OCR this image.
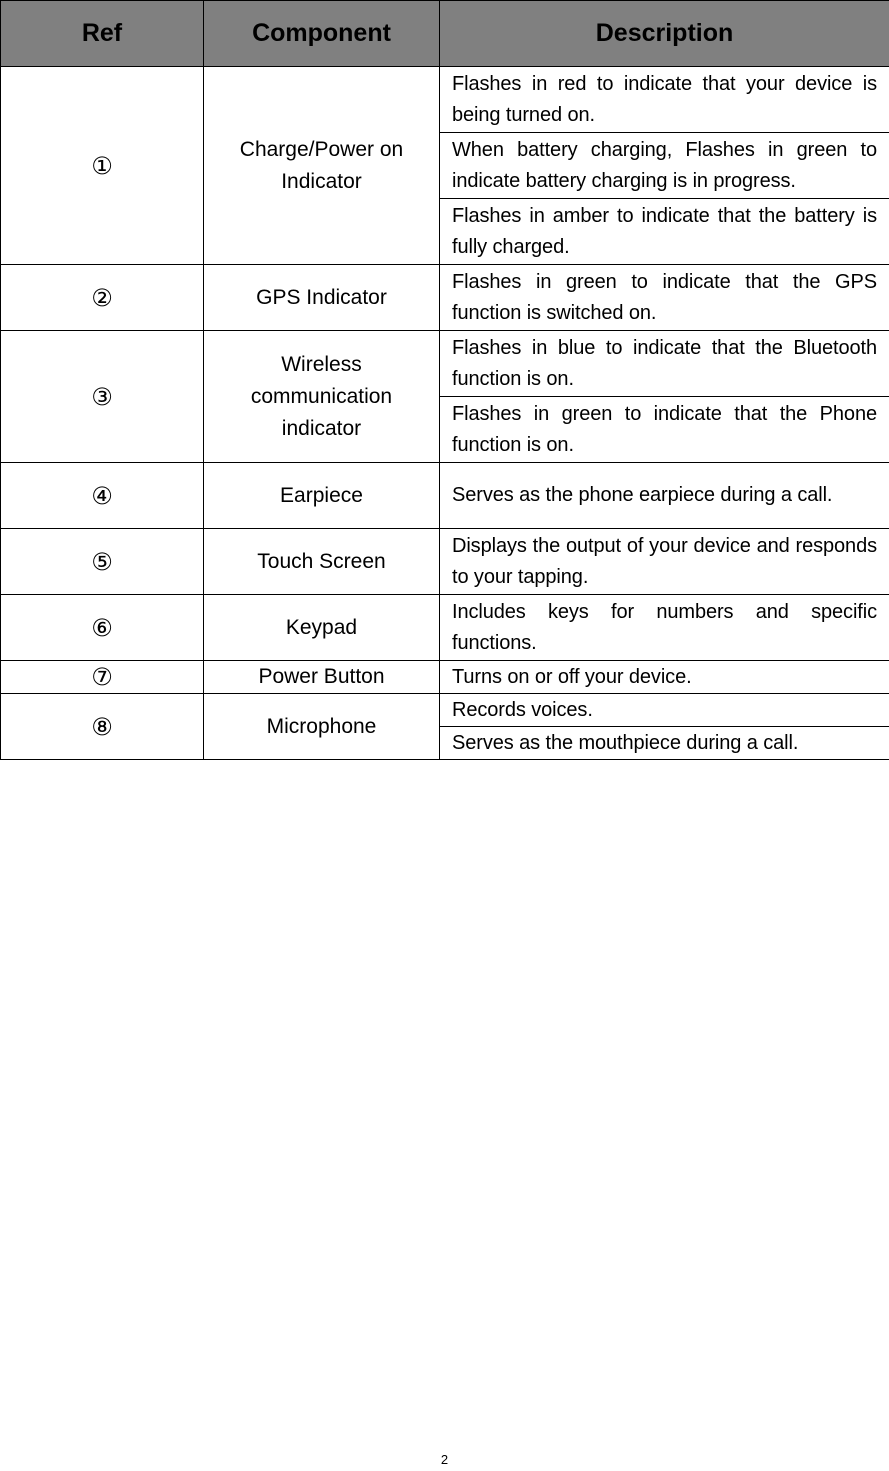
Ref	Component	Description
①	Charge/Power on Indicator	Flashes in red to indicate that your device is being turned on.
		When battery charging, Flashes in green to indicate battery charging is in progress.
		Flashes in amber to indicate that the battery is fully charged.
②	GPS Indicator	Flashes in green to indicate that the GPS function is switched on.
③	Wireless communication indicator	Flashes in blue to indicate that the Bluetooth function is on.
		Flashes in green to indicate that the Phone function is on.
④	Earpiece	Serves as the phone earpiece during a call.
⑤	Touch Screen	Displays the output of your device and responds to your tapping.
⑥	Keypad	Includes keys for numbers and specific functions.
⑦	Power Button	Turns on or off your device.
⑧	Microphone	Records voices.
		Serves as the mouthpiece during a call.
2
